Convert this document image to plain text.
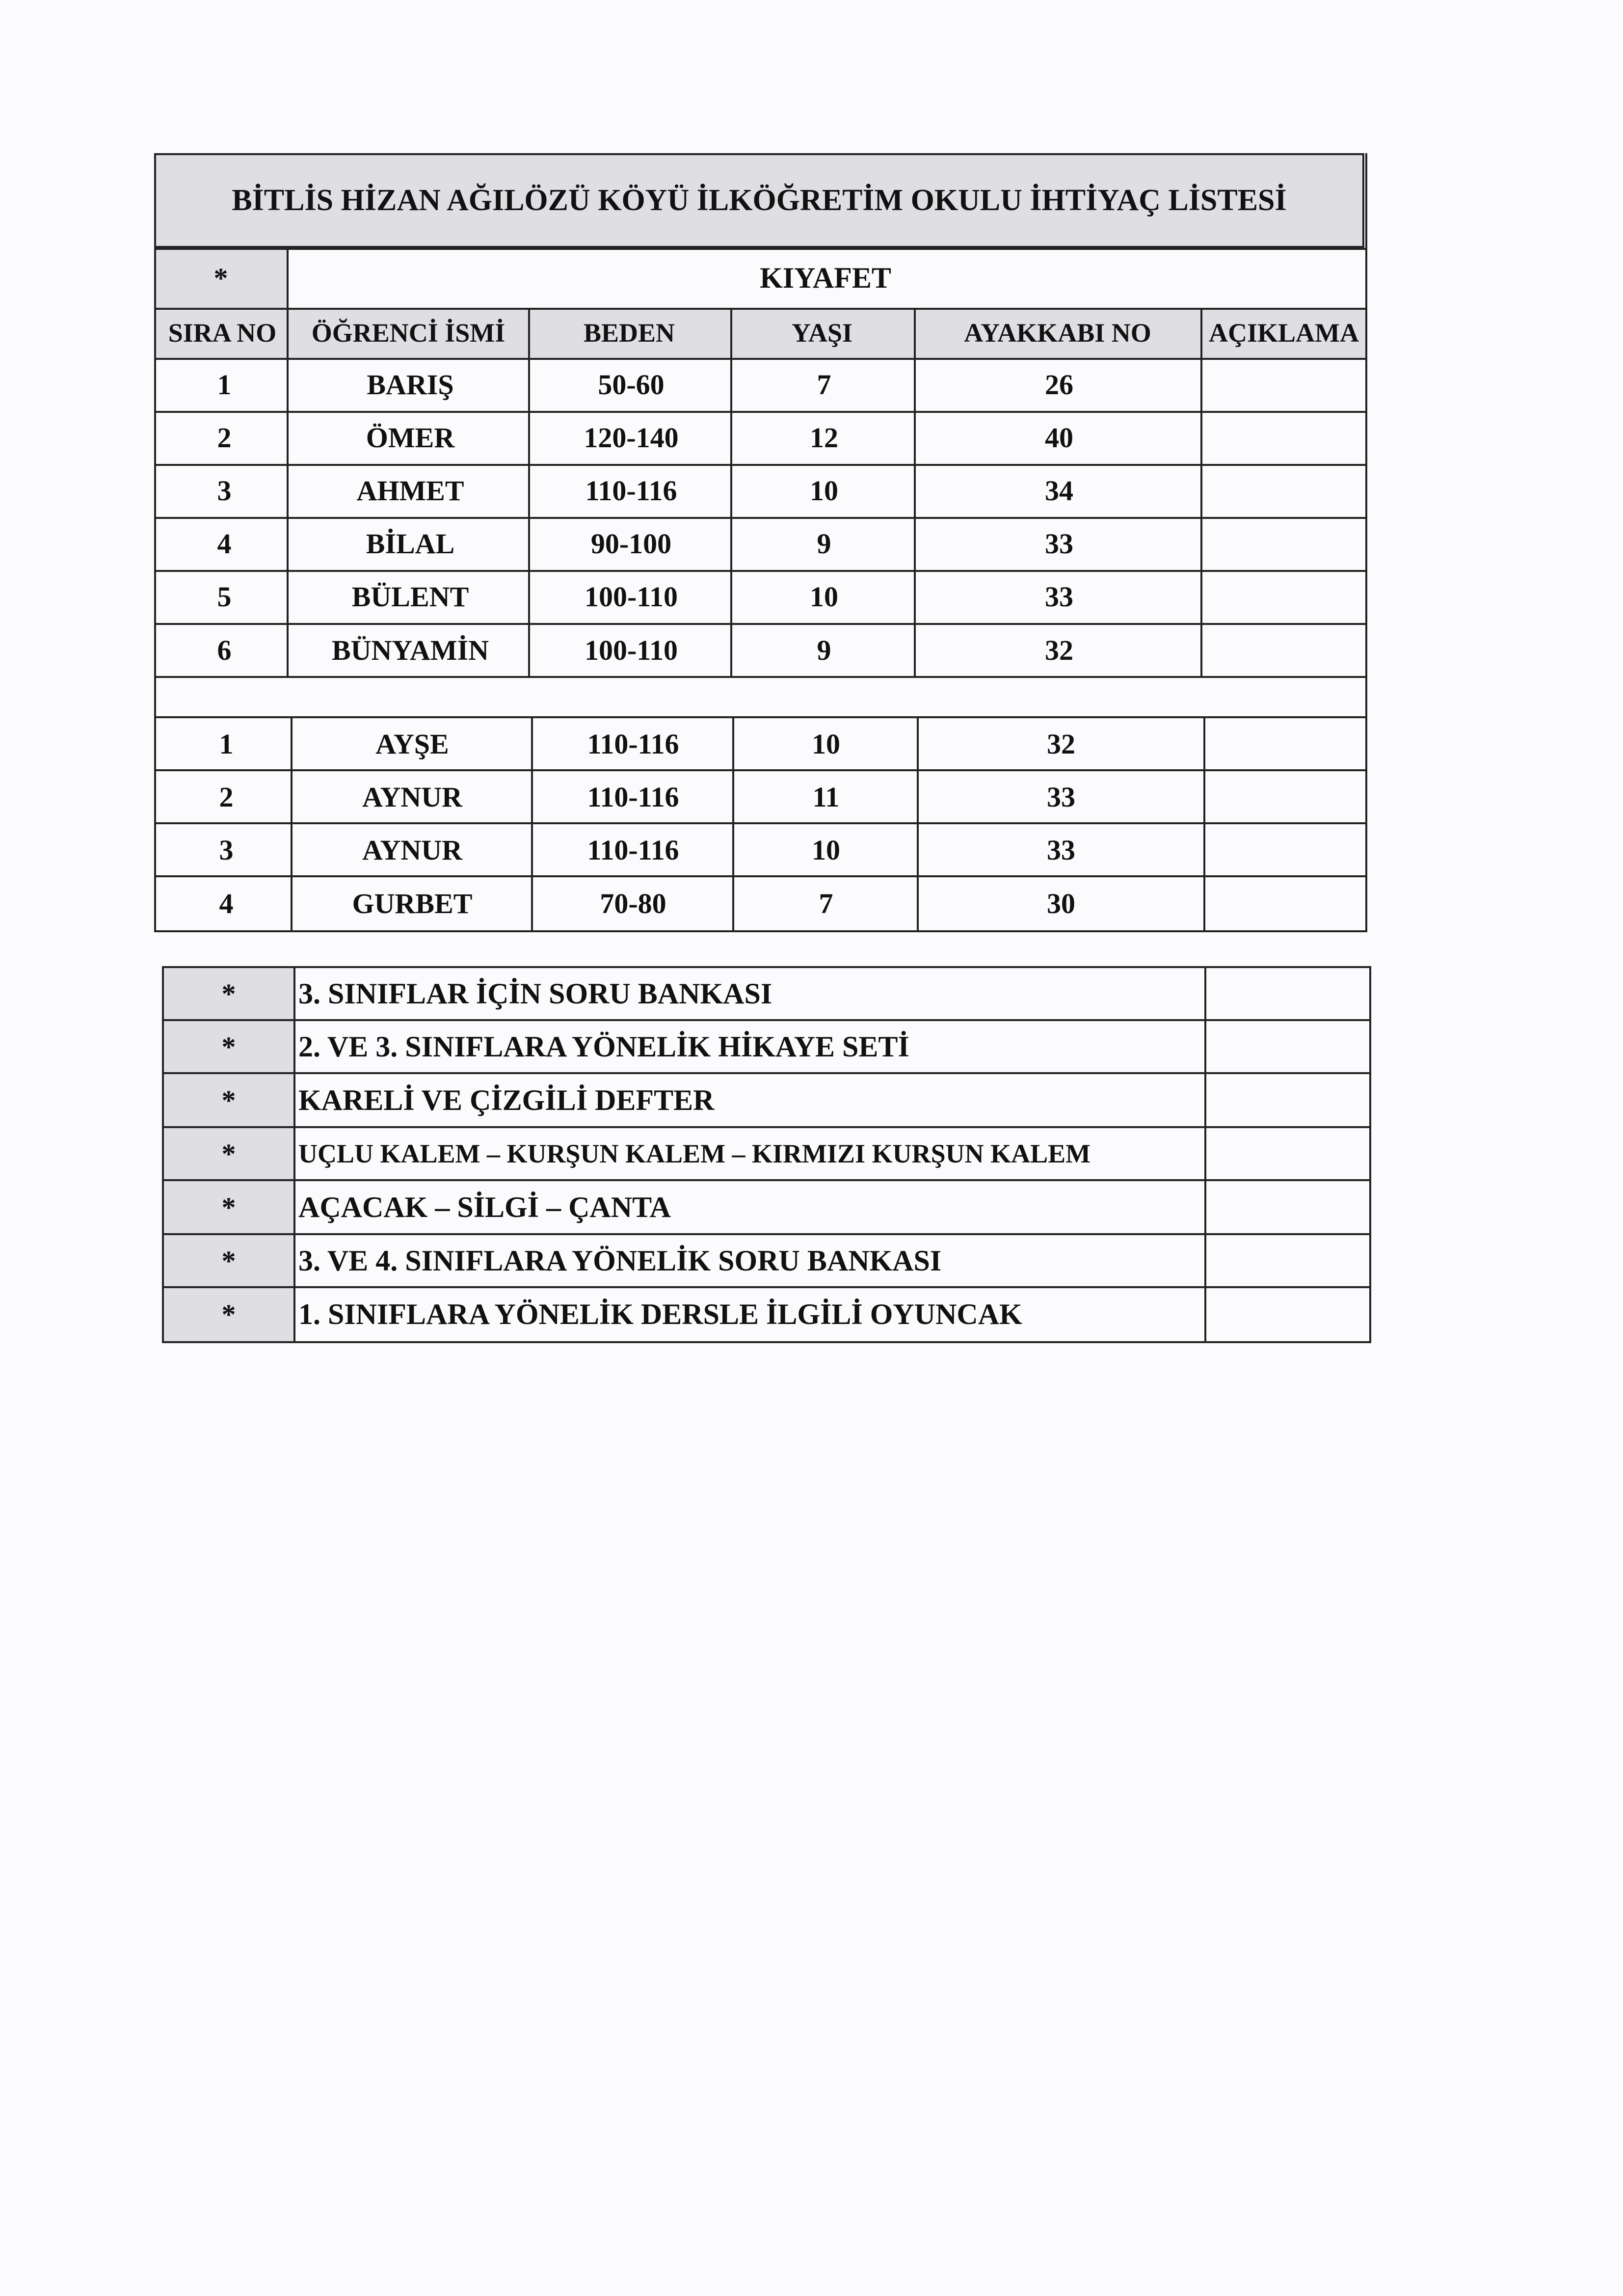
BİTLİS HİZAN AĞILÖZÜ KÖYÜ İLKÖĞRETİM OKULU İHTİYAÇ LİSTESİ
*	KIYAFET
SIRA NO	ÖĞRENCİ İSMİ	BEDEN	YAŞI	AYAKKABI NO	AÇIKLAMA
1	BARIŞ	50-60	7	26
2	ÖMER	120-140	12	40
3	AHMET	110-116	10	34
4	BİLAL	90-100	9	33
5	BÜLENT	100-110	10	33
6	BÜNYAMİN	100-110	9	32
1	AYŞE	110-116	10	32
2	AYNUR	110-116	11	33
3	AYNUR	110-116	10	33
4	GURBET	70-80	7	30
*	3. SINIFLAR İÇİN SORU BANKASI
*	2. VE 3. SINIFLARA YÖNELİK HİKAYE SETİ
*	KARELİ VE ÇİZGİLİ DEFTER
*	UÇLU KALEM – KURŞUN KALEM – KIRMIZI KURŞUN KALEM
*	AÇACAK – SİLGİ – ÇANTA
*	3. VE 4. SINIFLARA YÖNELİK SORU BANKASI
*	1. SINIFLARA YÖNELİK DERSLE İLGİLİ OYUNCAK
